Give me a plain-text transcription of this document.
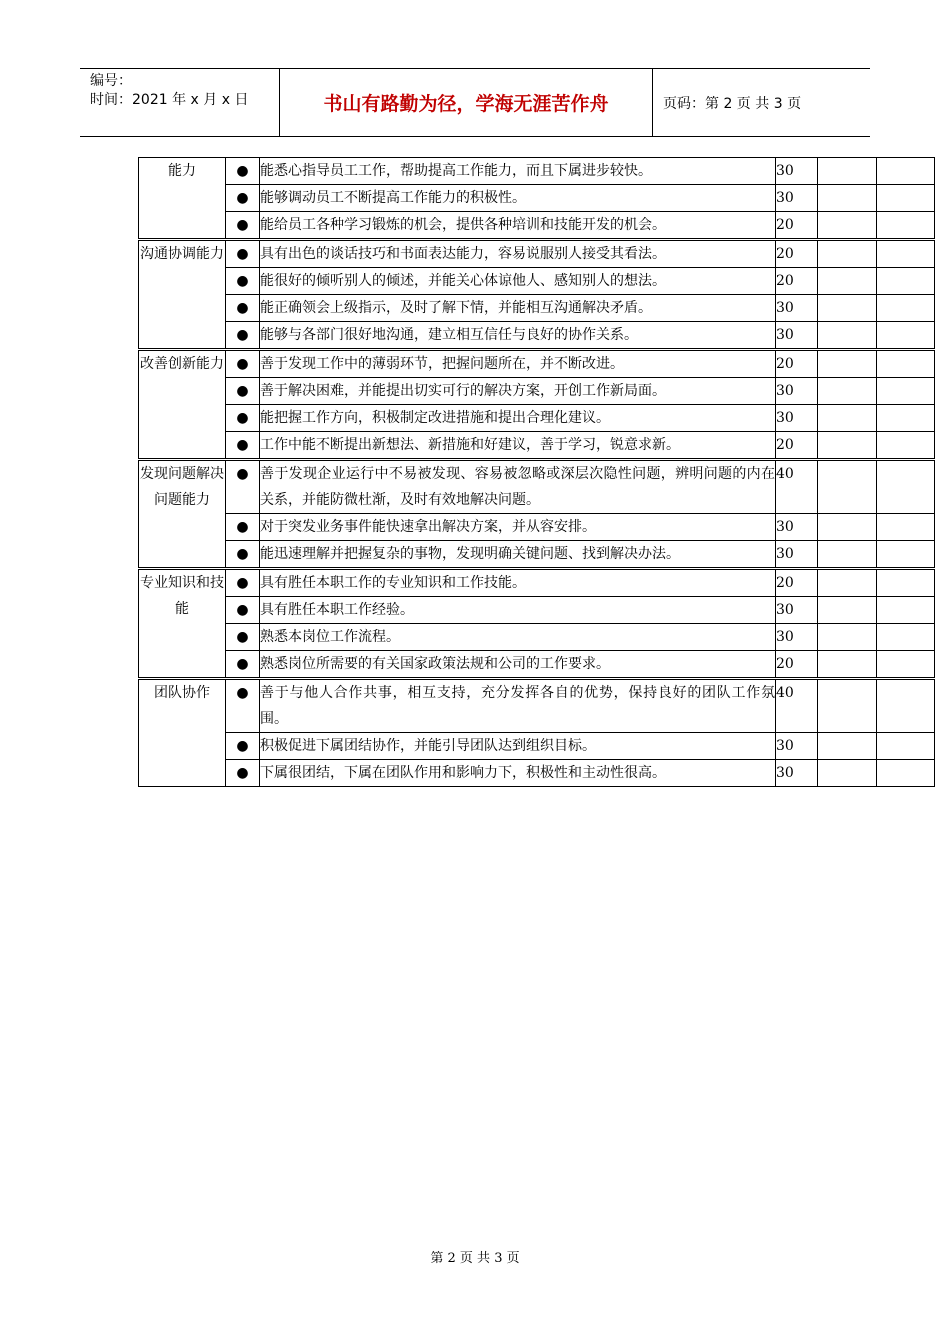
编号：
时间：2021 年 x 月 x 日	书山有路勤为径，学海无涯苦作舟	页码：第 2 页 共 3 页
能力	●	能悉心指导员工工作，帮助提高工作能力，而且下属进步较快。	30		
	●	能够调动员工不断提高工作能力的积极性。	30		
	●	能给员工各种学习锻炼的机会，提供各种培训和技能开发的机会。	20		
沟通协调能力	●	具有出色的谈话技巧和书面表达能力，容易说服别人接受其看法。	20		
	●	能很好的倾听别人的倾述，并能关心体谅他人、感知别人的想法。	20		
	●	能正确领会上级指示，及时了解下情，并能相互沟通解决矛盾。	30		
	●	能够与各部门很好地沟通，建立相互信任与良好的协作关系。	30		
改善创新能力	●	善于发现工作中的薄弱环节，把握问题所在，并不断改进。	20		
	●	善于解决困难，并能提出切实可行的解决方案，开创工作新局面。	30		
	●	能把握工作方向，积极制定改进措施和提出合理化建议。	30		
	●	工作中能不断提出新想法、新措施和好建议，善于学习，锐意求新。	20		
发现问题解决问题能力	●	善于发现企业运行中不易被发现、容易被忽略或深层次隐性问题，辨明问题的内在关系，并能防微杜渐，及时有效地解决问题。	40		
	●	对于突发业务事件能快速拿出解决方案，并从容安排。	30		
	●	能迅速理解并把握复杂的事物，发现明确关键问题、找到解决办法。	30		
专业知识和技能	●	具有胜任本职工作的专业知识和工作技能。	20		
	●	具有胜任本职工作经验。	30		
	●	熟悉本岗位工作流程。	30		
	●	熟悉岗位所需要的有关国家政策法规和公司的工作要求。	20		
团队协作	●	善于与他人合作共事，相互支持，充分发挥各自的优势，保持良好的团队工作氛围。	40		
	●	积极促进下属团结协作，并能引导团队达到组织目标。	30		
	●	下属很团结，下属在团队作用和影响力下，积极性和主动性很高。	30		
第 2 页 共 3 页
